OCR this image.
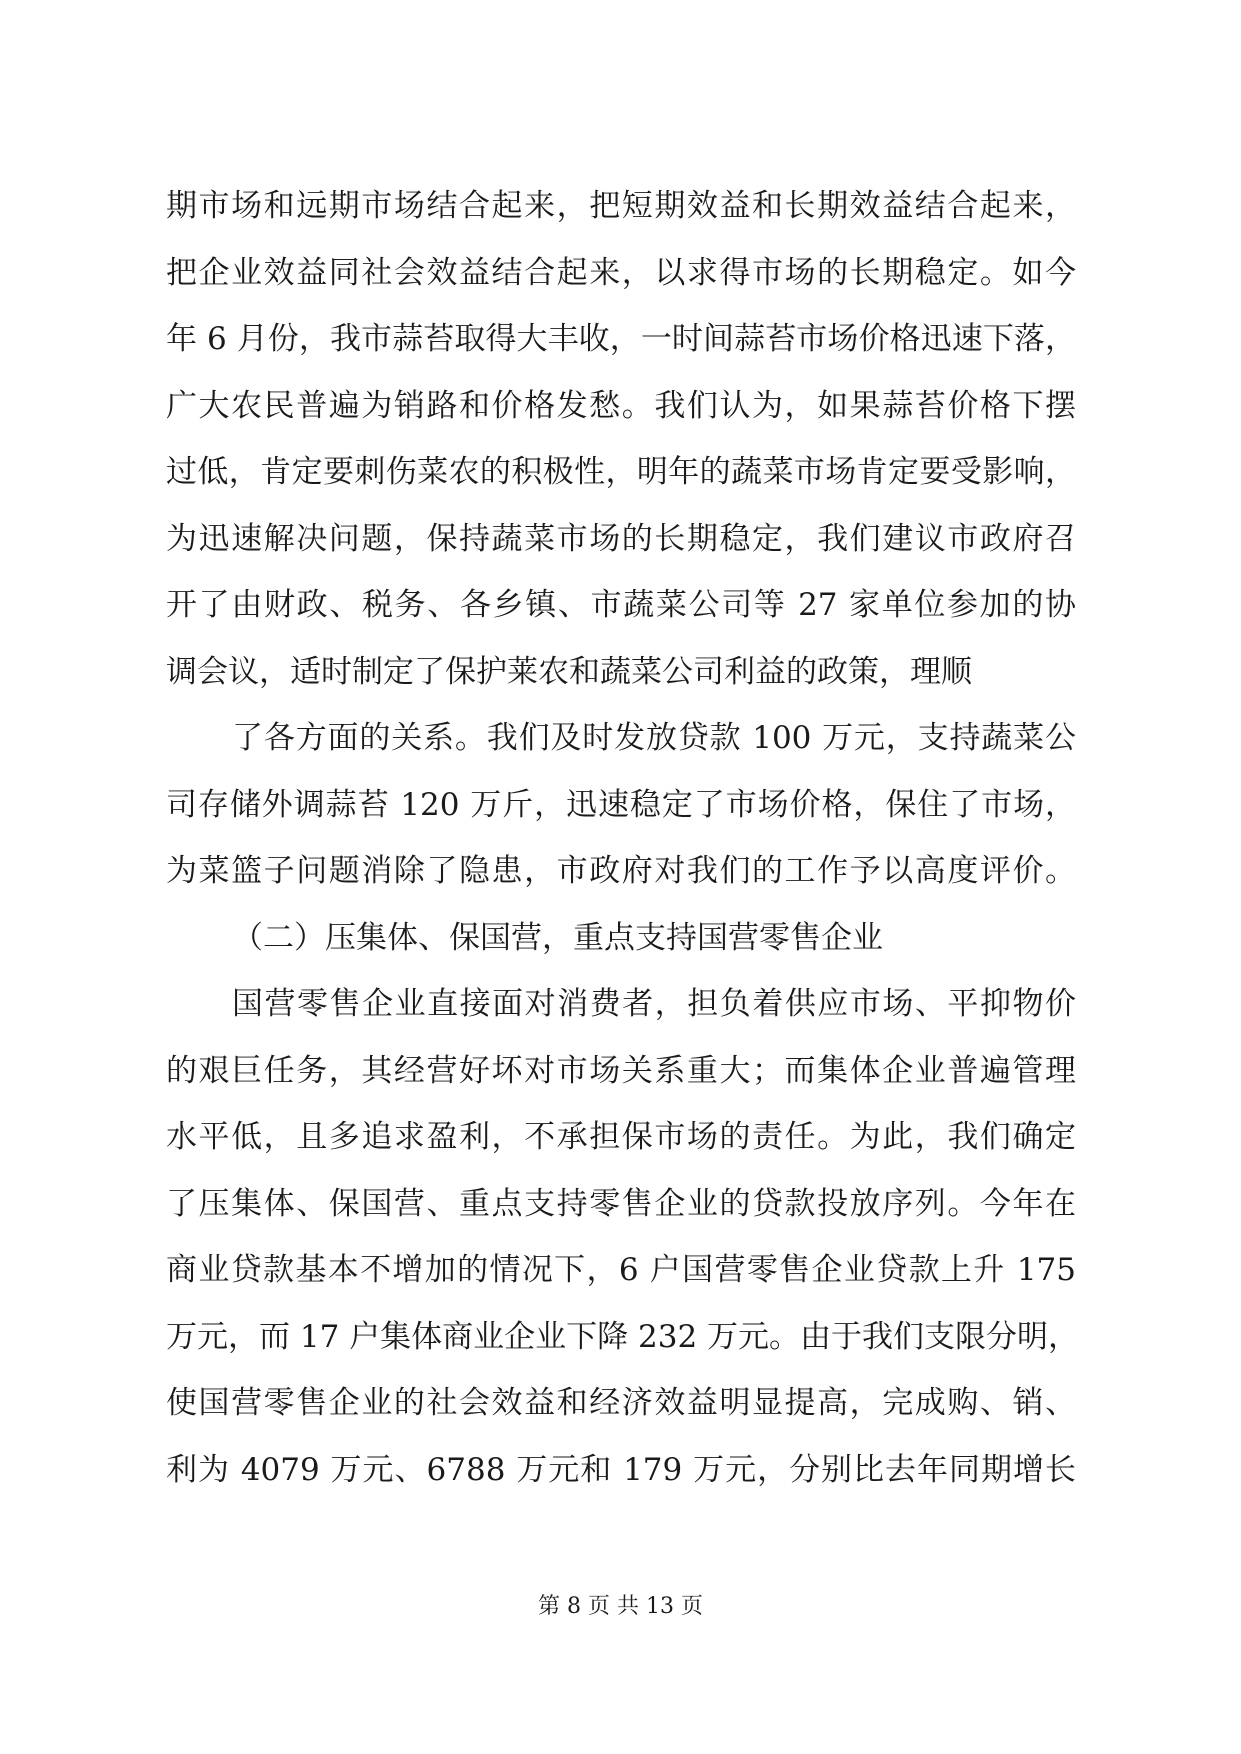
期市场和远期市场结合起来，把短期效益和长期效益结合起来，
把企业效益同社会效益结合起来，以求得市场的长期稳定。如今
年 6 月份，我市蒜苔取得大丰收，一时间蒜苔市场价格迅速下落，
广大农民普遍为销路和价格发愁。我们认为，如果蒜苔价格下摆
过低，肯定要刺伤菜农的积极性，明年的蔬菜市场肯定要受影响，
为迅速解决问题，保持蔬菜市场的长期稳定，我们建议市政府召
开了由财政、税务、各乡镇、市蔬菜公司等 27 家单位参加的协
调会议，适时制定了保护莱农和蔬菜公司利益的政策，理顺
了各方面的关系。我们及时发放贷款 100 万元，支持蔬菜公
司存储外调蒜苔 120 万斤，迅速稳定了市场价格，保住了市场，
为菜篮子问题消除了隐患，市政府对我们的工作予以高度评价。
（二）压集体、保国营，重点支持国营零售企业
国营零售企业直接面对消费者，担负着供应市场、平抑物价
的艰巨任务，其经营好坏对市场关系重大；而集体企业普遍管理
水平低，且多追求盈利，不承担保市场的责任。为此，我们确定
了压集体、保国营、重点支持零售企业的贷款投放序列。今年在
商业贷款基本不增加的情况下，6 户国营零售企业贷款上升 175
万元，而 17 户集体商业企业下降 232 万元。由于我们支限分明，
使国营零售企业的社会效益和经济效益明显提高，完成购、销、
利为 4079 万元、6788 万元和 179 万元，分别比去年同期增长
第 8 页 共 13 页
